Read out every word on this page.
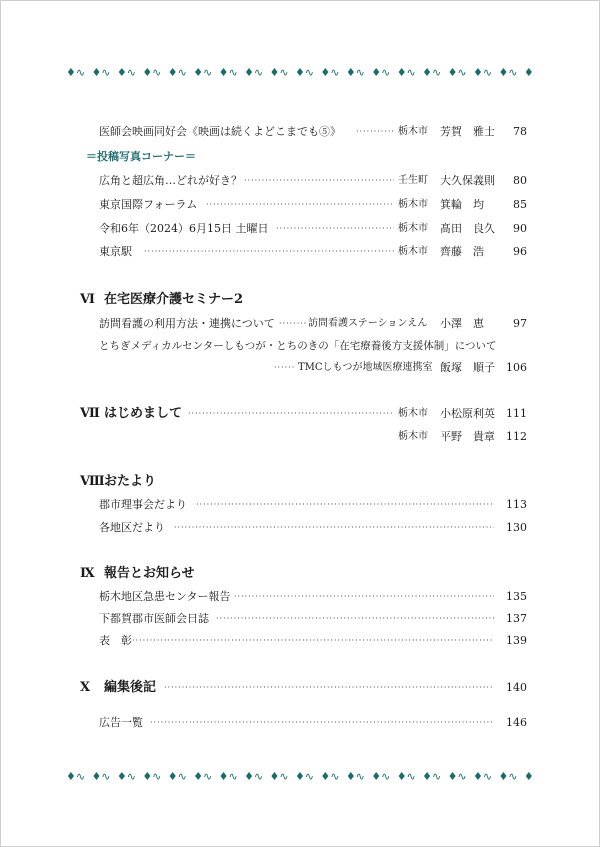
♦∿ ♦∿ ♦∿ ♦∿ ♦∿ ♦∿ ♦∿ ♦∿ ♦∿ ♦∿ ♦∿ ♦∿ ♦∿ ♦∿ ♦∿ ♦∿ ♦∿ ♦∿ ♦
♦∿ ♦∿ ♦∿ ♦∿ ♦∿ ♦∿ ♦∿ ♦∿ ♦∿ ♦∿ ♦∿ ♦∿ ♦∿ ♦∿ ♦∿ ♦∿ ♦∿ ♦∿ ♦
医師会映画同好会《映画は続くよどこまでも⑤》 ·····	栃木市 芳賀　雅士	78
＝投稿写真コーナー＝
広角と超広角…どれが好き？ ·····	壬生町 大久保義則	80
東京国際フォーラム ·····	栃木市 箕輪　均	85
令和6年（2024）6月15日 土曜日 ·····	栃木市 髙田　良久	90
東京駅 ·····	栃木市 齊藤　浩	96
Ⅵ 在宅医療介護セミナー2
訪問看護の利用方法・連携について ·····	訪問看護ステーションえん 小澤　恵	97
とちぎメディカルセンターしもつが・とちのきの「在宅療養後方支援体制」について
·····
TMCしもつが地域医療連携室 飯塚　順子	106
Ⅶ はじめまして ·····	栃木市 小松原利英	111
栃木市 平野　貴章	112
Ⅷ おたより
郡市理事会だより ·····	113
各地区だより ·····	130
Ⅸ 報告とお知らせ
栃木地区急患センター報告 ·····	135
下都賀郡市医師会日誌 ·····	137
表　彰 ·····	139
Ⅹ 編集後記 ·····	140
広告一覧 ·····	146
